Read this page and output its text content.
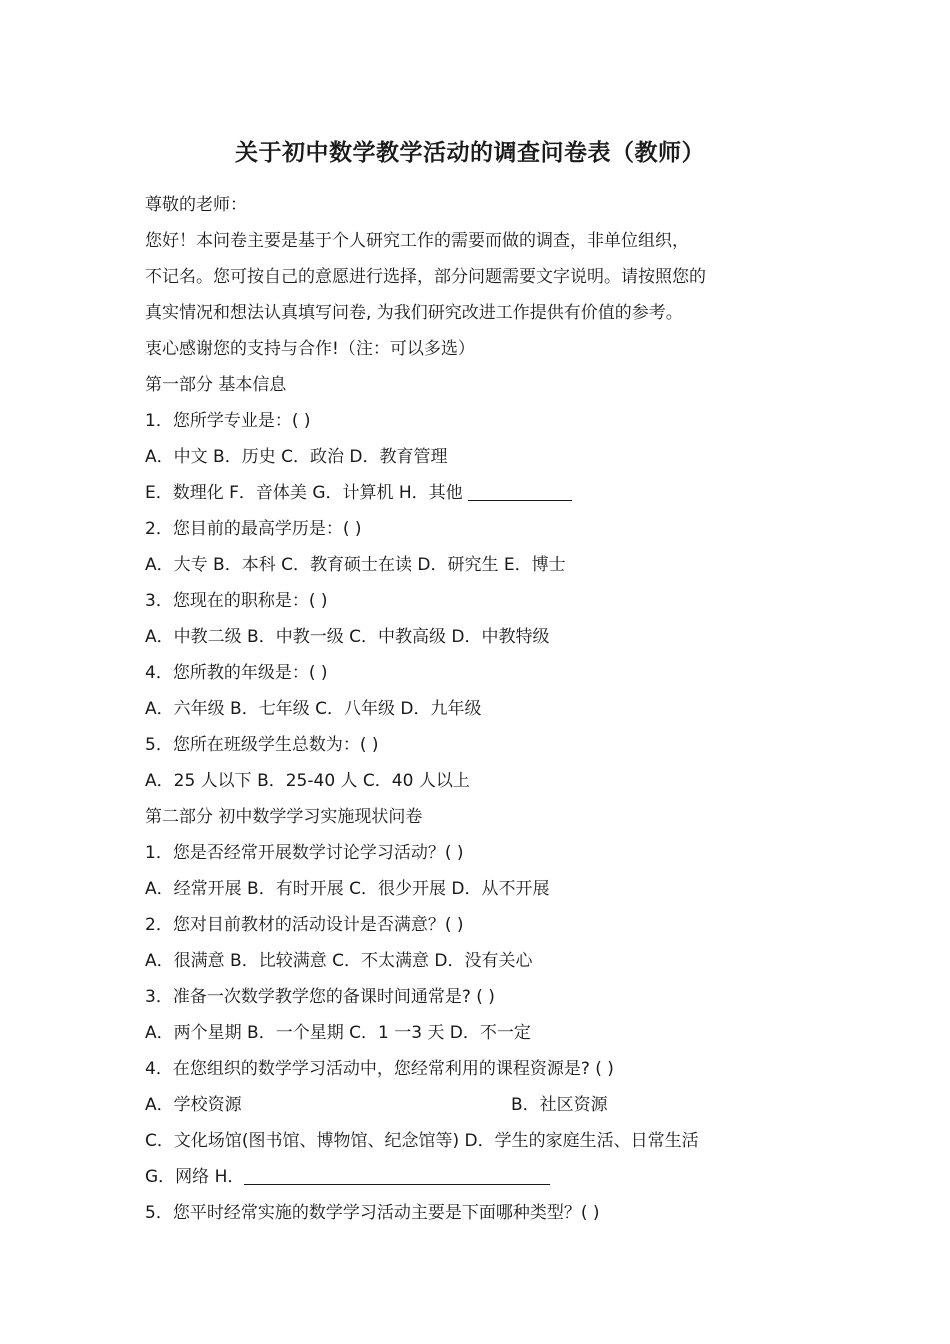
关于初中数学教学活动的调查问卷表（教师）
尊敬的老师：
您好！本问卷主要是基于个人研究工作的需要而做的调查，非单位组织，
不记名。您可按自己的意愿进行选择，部分问题需要文字说明。请按照您的
真实情况和想法认真填写问卷, 为我们研究改进工作提供有价值的参考。
衷心感谢您的支持与合作!（注：可以多选）
第一部分 基本信息
1．您所学专业是：( )
A．中文 B．历史 C．政治 D．教育管理
E．数理化 F．音体美 G．计算机 H．其他
2．您目前的最高学历是：( )
A．大专 B．本科 C．教育硕士在读 D．研究生 E．博士
3．您现在的职称是：( )
A．中教二级 B．中教一级 C．中教高级 D．中教特级
4．您所教的年级是：( )
A．六年级 B．七年级 C．八年级 D．九年级
5．您所在班级学生总数为：( )
A．25 人以下 B．25-40 人 C．40 人以上
第二部分 初中数学学习实施现状问卷
1．您是否经常开展数学讨论学习活动？( )
A．经常开展 B．有时开展 C．很少开展 D．从不开展
2．您对目前教材的活动设计是否满意？( )
A．很满意 B．比较满意 C．不太满意 D．没有关心
3．准备一次数学教学您的备课时间通常是? ( )
A．两个星期 B．一个星期 C．1 一3 天 D．不一定
4．在您组织的数学学习活动中，您经常利用的课程资源是? ( )
A．学校资源	B．社区资源
C．文化场馆(图书馆、博物馆、纪念馆等) D．学生的家庭生活、日常生活
G．网络 H．
5．您平时经常实施的数学学习活动主要是下面哪种类型？( )
